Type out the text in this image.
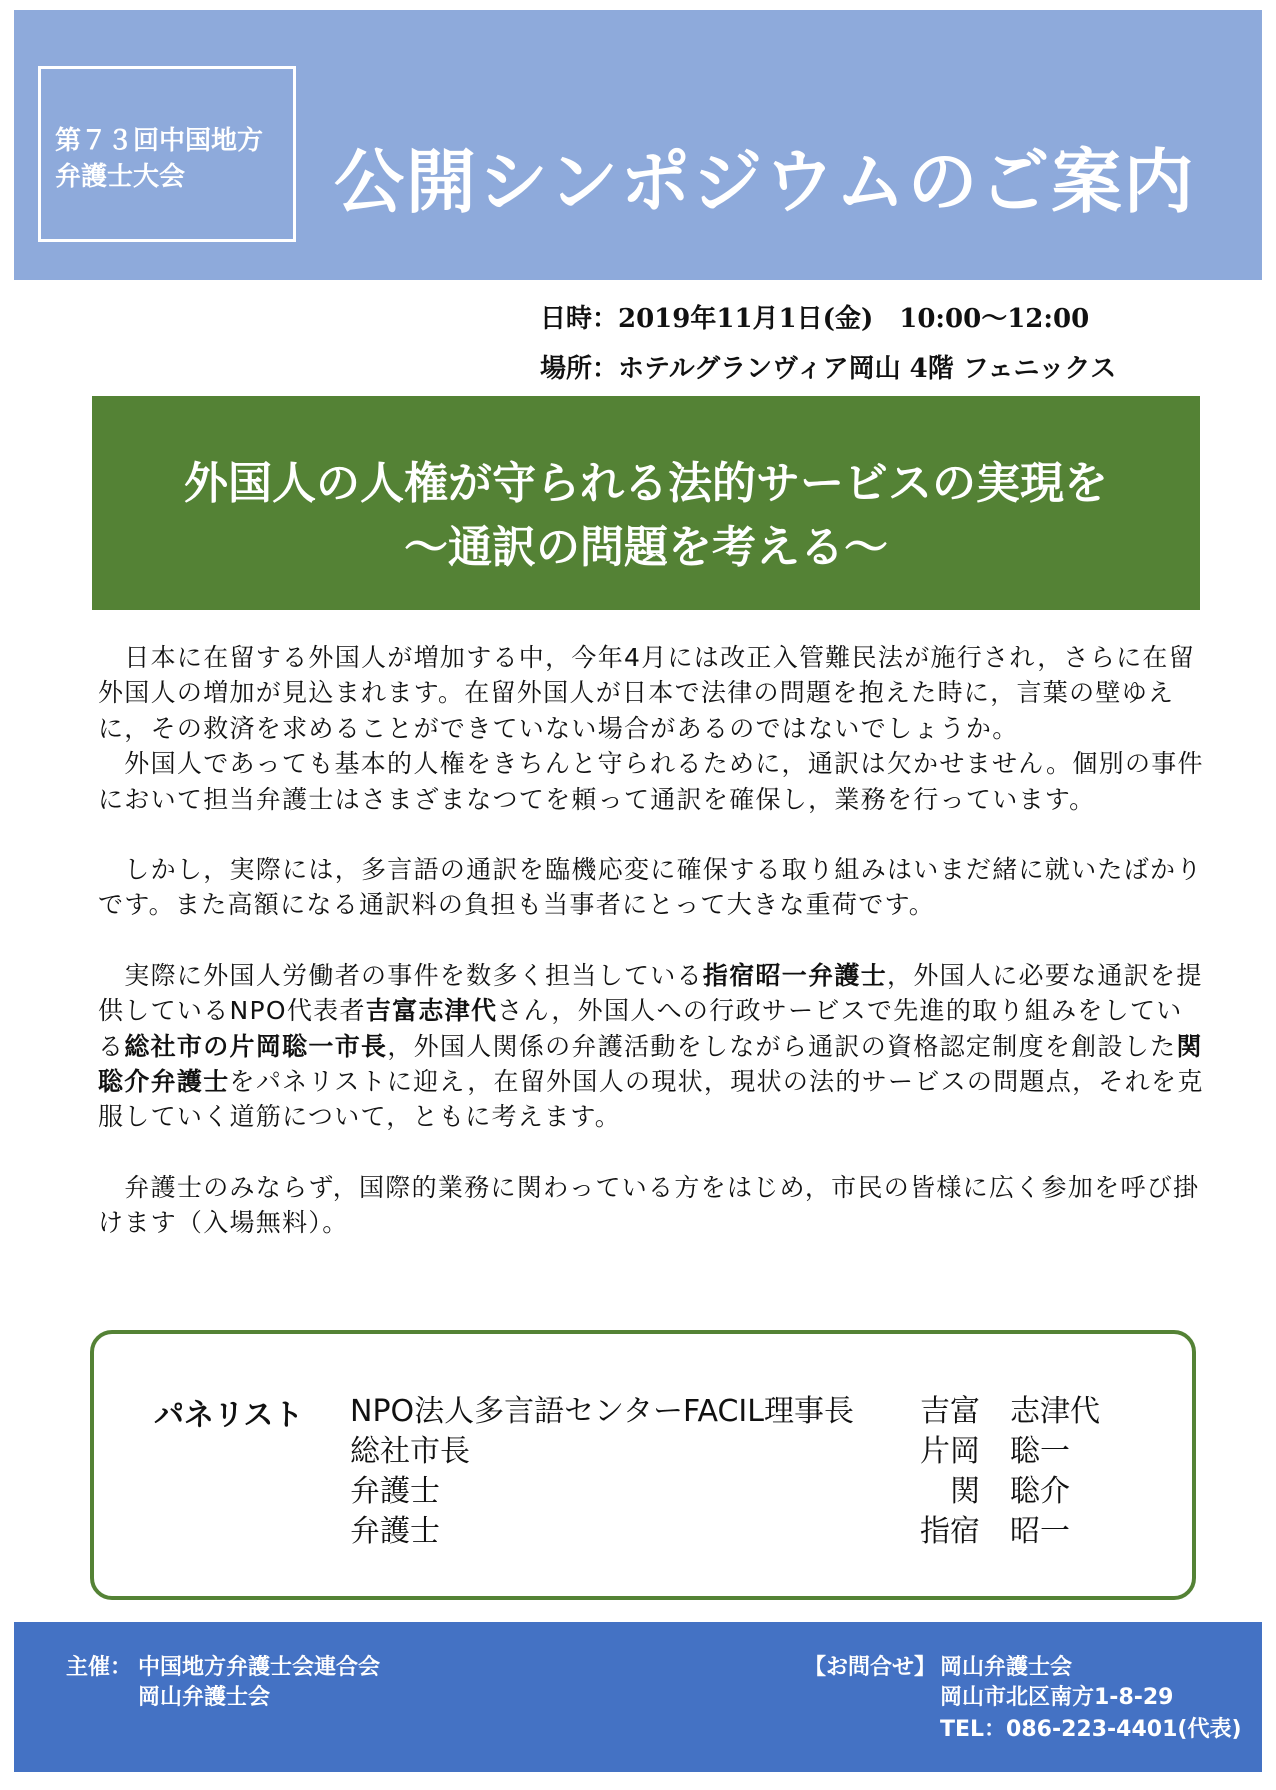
第７３回中国地方
弁護士大会	公開シンポジウムのご案内
日時：2019年11月1日(金)　10:00～12:00
場所：ホテルグランヴィア岡山 4階 フェニックス
外国人の人権が守られる法的サービスの実現を
～通訳の問題を考える～

　日本に在留する外国人が増加する中，今年4月には改正入管難民法が施行され，さらに在留外国人の増加が見込まれます。在留外国人が日本で法律の問題を抱えた時に，言葉の壁ゆえに，その救済を求めることができていない場合があるのではないでしょうか。

　外国人であっても基本的人権をきちんと守られるために，通訳は欠かせません。個別の事件において担当弁護士はさまざまなつてを頼って通訳を確保し，業務を行っています。

　しかし，実際には，多言語の通訳を臨機応変に確保する取り組みはいまだ緒に就いたばかりです。また高額になる通訳料の負担も当事者にとって大きな重荷です。

　実際に外国人労働者の事件を数多く担当している指宿昭一弁護士，外国人に必要な通訳を提供しているNPO代表者吉富志津代さん，外国人への行政サービスで先進的取り組みをしている総社市の片岡聡一市長，外国人関係の弁護活動をしながら通訳の資格認定制度を創設した関聡介弁護士をパネリストに迎え，在留外国人の現状，現状の法的サービスの問題点，それを克服していく道筋について，ともに考えます。

　弁護士のみならず，国際的業務に関わっている方をはじめ，市民の皆様に広く参加を呼び掛けます（入場無料）。

パネリスト NPO法人多言語センターFACIL理事長 吉富　志津代
総社市長	片岡　聡一
弁護士	　関　聡介
弁護士	指宿　昭一
主催： 中国地方弁護士会連合会
岡山弁護士会
【お問合せ】 岡山弁護士会
岡山市北区南方1-8-29
TEL：086-223-4401(代表)
